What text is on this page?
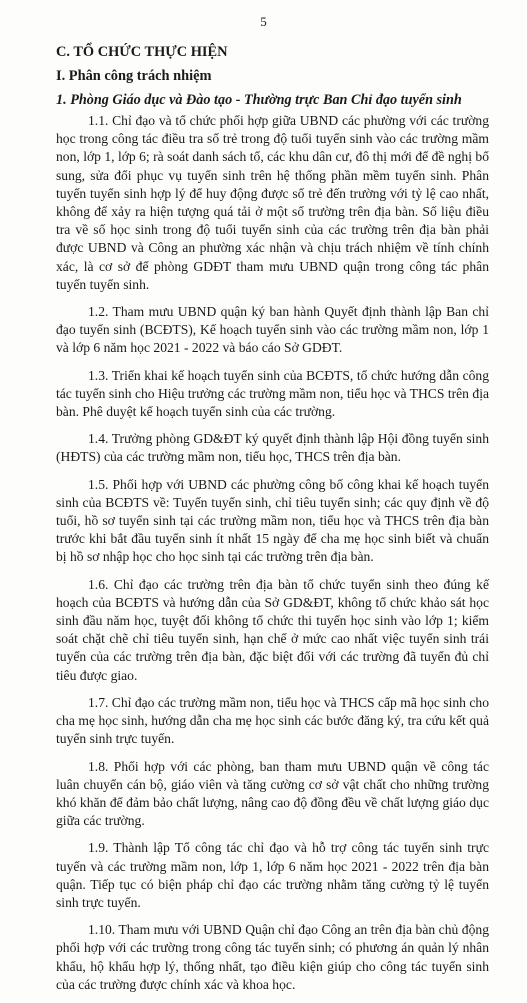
5
C. TỔ CHỨC THỰC HIỆN
I. Phân công trách nhiệm
1. Phòng Giáo dục và Đào tạo - Thường trực Ban Chỉ đạo tuyển sinh

1.1. Chỉ đạo và tổ chức phối hợp giữa UBND các phường với các trường học trong công tác điều tra số trẻ trong độ tuổi tuyển sinh vào các trường mầm non, lớp 1, lớp 6; rà soát danh sách tổ, các khu dân cư, đô thị mới để đề nghị bổ sung, sửa đổi phục vụ tuyển sinh trên hệ thống phần mềm tuyển sinh. Phân tuyến tuyển sinh hợp lý để huy động được số trẻ đến trường với tỷ lệ cao nhất, không để xảy ra hiện tượng quá tải ở một số trường trên địa bàn. Số liệu điều tra về số học sinh trong độ tuổi tuyển sinh của các trường trên địa bàn phải được UBND và Công an phường xác nhận và chịu trách nhiệm về tính chính xác, là cơ sở để phòng GDĐT tham mưu UBND quận trong công tác phân tuyến tuyển sinh.

1.2. Tham mưu UBND quận ký ban hành Quyết định thành lập Ban chỉ đạo tuyển sinh (BCĐTS), Kế hoạch tuyển sinh vào các trường mầm non, lớp 1 và lớp 6 năm học 2021 - 2022 và báo cáo Sở GDĐT.

1.3. Triển khai kế hoạch tuyển sinh của BCĐTS, tổ chức hướng dẫn công tác tuyển sinh cho Hiệu trưởng các trường mầm non, tiểu học và THCS trên địa bàn. Phê duyệt kế hoạch tuyển sinh của các trường.

1.4. Trưởng phòng GD&ĐT ký quyết định thành lập Hội đồng tuyển sinh (HĐTS) của các trường mầm non, tiểu học, THCS trên địa bàn.

1.5. Phối hợp với UBND các phường công bố công khai kế hoạch tuyển sinh của BCĐTS về: Tuyến tuyển sinh, chỉ tiêu tuyển sinh; các quy định về độ tuổi, hồ sơ tuyển sinh tại các trường mầm non, tiểu học và THCS trên địa bàn trước khi bắt đầu tuyển sinh ít nhất 15 ngày để cha mẹ học sinh biết và chuẩn bị hồ sơ nhập học cho học sinh tại các trường trên địa bàn.

1.6. Chỉ đạo các trường trên địa bàn tổ chức tuyển sinh theo đúng kế hoạch của BCĐTS và hướng dẫn của Sở GD&ĐT, không tổ chức khảo sát học sinh đầu năm học, tuyệt đối không tổ chức thi tuyển học sinh vào lớp 1; kiểm soát chặt chẽ chỉ tiêu tuyển sinh, hạn chế ở mức cao nhất việc tuyển sinh trái tuyến của các trường trên địa bàn, đặc biệt đối với các trường đã tuyển đủ chỉ tiêu được giao.

1.7. Chỉ đạo các trường mầm non, tiểu học và THCS cấp mã học sinh cho cha mẹ học sinh, hướng dẫn cha mẹ học sinh các bước đăng ký, tra cứu kết quả tuyển sinh trực tuyến.

1.8. Phối hợp với các phòng, ban tham mưu UBND quận về công tác luân chuyển cán bộ, giáo viên và tăng cường cơ sở vật chất cho những trường khó khăn để đảm bảo chất lượng, nâng cao độ đồng đều về chất lượng giáo dục giữa các trường.

1.9. Thành lập Tổ công tác chỉ đạo và hỗ trợ công tác tuyển sinh trực tuyến và các trường mầm non, lớp 1, lớp 6 năm học 2021 - 2022 trên địa bàn quận. Tiếp tục có biện pháp chỉ đạo các trường nhằm tăng cường tỷ lệ tuyển sinh trực tuyến.

1.10. Tham mưu với UBND Quận chỉ đạo Công an trên địa bàn chủ động phối hợp với các trường trong công tác tuyển sinh; có phương án quản lý nhân khẩu, hộ khẩu hợp lý, thống nhất, tạo điều kiện giúp cho công tác tuyển sinh của các trường được chính xác và khoa học.
